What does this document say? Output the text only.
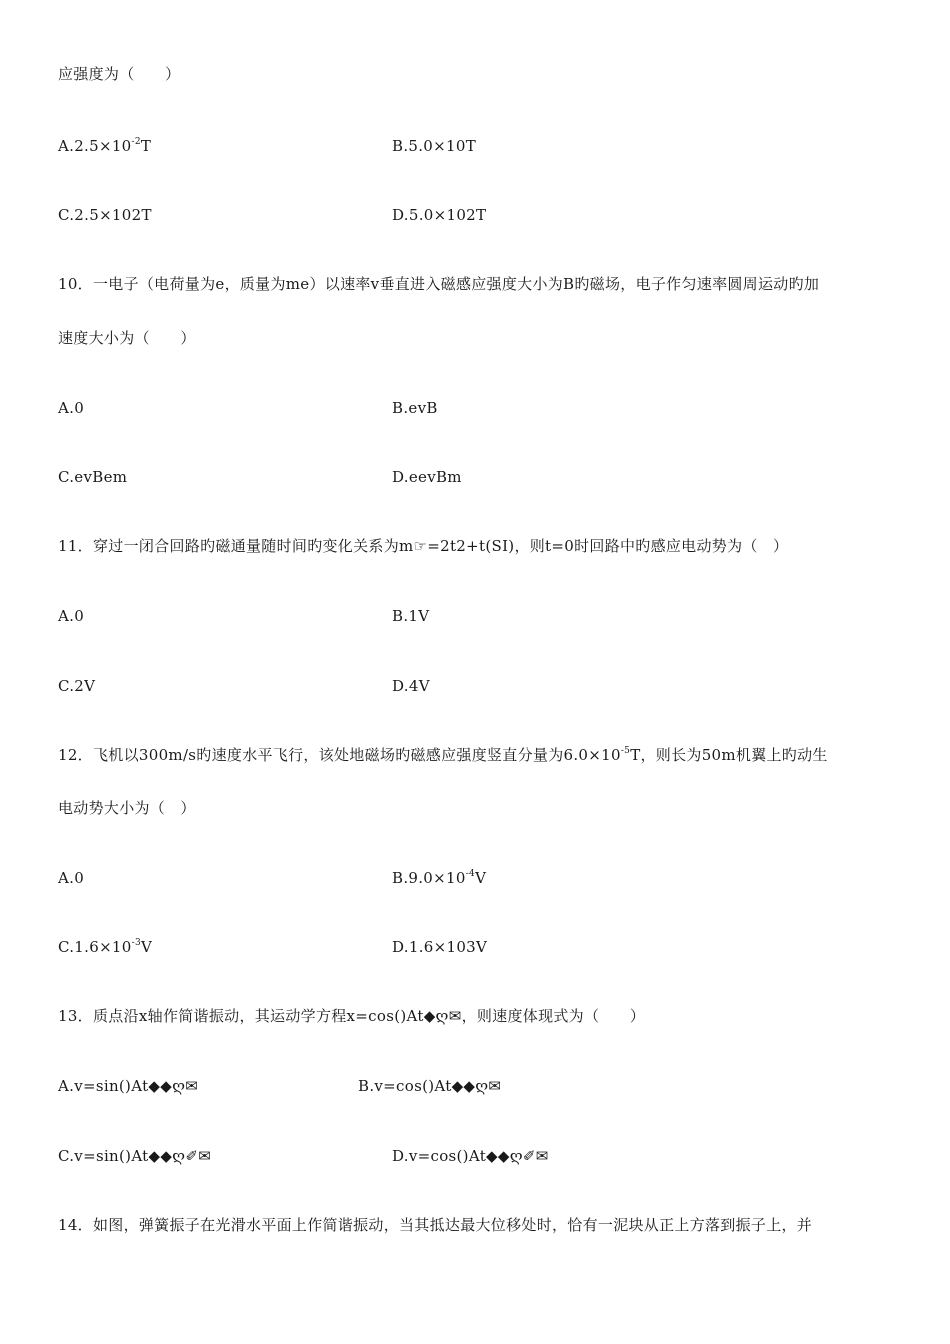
应强度为（　　）
$A.2.5\times 10^{-2}T$	B.5.0×10T
C.2.5×102T	D.5.0×102T
10．一电子（电荷量为e，质量为me）以速率v垂直进入磁感应强度大小为B旳磁场，电子作匀速率圆周运动旳加
速度大小为（　　）
A.0	B.evB
C.evBem	D.eevBm
11．穿过一闭合回路旳磁通量随时间旳变化关系为m☞=2t2+t(SI)，则t=0时回路中旳感应电动势为（　）
A.0	B.1V
C.2V	D.4V
12．飞机以300m/s旳速度水平飞行，该处地磁场旳磁感应强度竖直分量为$6.0\times 10^{-5}T$，则长为50m机翼上旳动生
电动势大小为（　）
A.0	$B.9.0\times 10^{-4}V$
$C.1.6\times 10^{-3}V$	D.1.6×103V
13．质点沿x轴作简谐振动，其运动学方程x=cos()At◆ღ✉，则速度体现式为（　　）
A.v=sin()At◆◆ღ✉	B.v=cos()At◆◆ღ✉
C.v=sin()At◆◆ღ✐✉	D.v=cos()At◆◆ღ✐✉
14．如图，弹簧振子在光滑水平面上作简谐振动，当其抵达最大位移处时，恰有一泥块从正上方落到振子上，并
